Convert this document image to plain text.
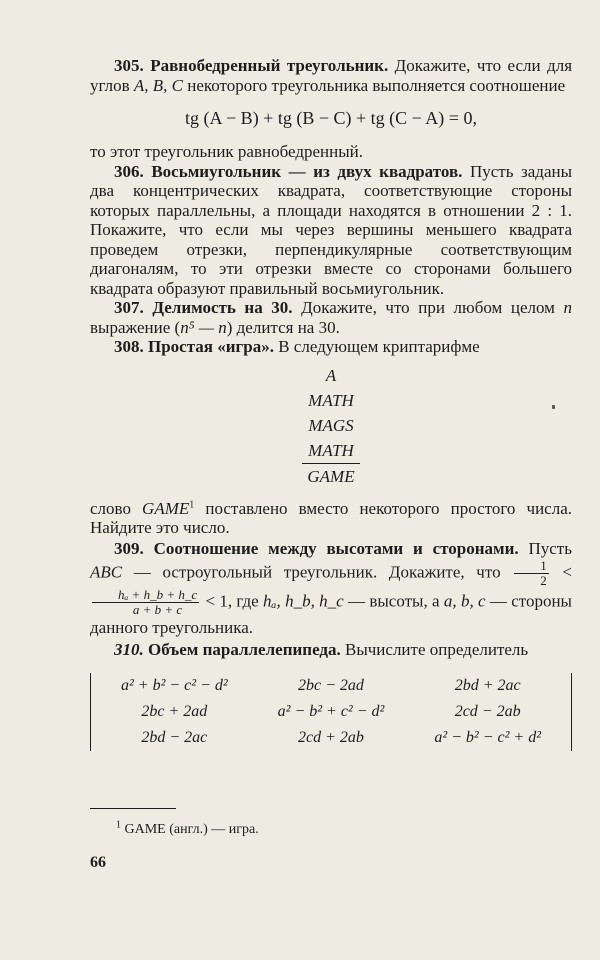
305. Равнобедренный треугольник. Докажите, что если для углов A, B, C некоторого треугольника выполняется соотношение

tg (A − B) + tg (B − C) + tg (C − A) = 0,

то этот треугольник равнобедренный.

306. Восьмиугольник — из двух квадратов. Пусть заданы два концентрических квадрата, соответствующие стороны которых параллельны, а площади находятся в отношении 2 : 1. Покажите, что если мы через вершины меньшего квадрата проведем отрезки, перпендикулярные соответствующим диагоналям, то эти отрезки вместе со сторонами большего квадрата образуют правильный восьмиугольник.

307. Делимость на 30. Докажите, что при любом целом n выражение (n⁵ — n) делится на 30.

308. Простая «игра». В следующем криптарифме

A
MATH
MAGS
MATH
GAME

слово GAME$^1$ поставлено вместо некоторого простого числа. Найдите это число.

309. Соотношение между высотами и сторонами. Пусть ABC — остроугольный треугольник. Докажите, что $\frac{1}{2}$ <
$\frac{\text{hₐ + h\_b + h\_c}}{a + b + c} < 1$, где hₐ, h_b, h_c — высоты, а a, b, c — стороны данного треугольника.

310. Объем параллелепипеда. Вычислите определитель

a² + b² − c² − d²	2bc − 2ad	2bd + 2ac
2bc + 2ad	a² − b² + c² − d²	2cd − 2ab
2bd − 2ac	2cd + 2ab	a² − b² − c² + d²
$^1$ GAME (англ.) — игра.
66
